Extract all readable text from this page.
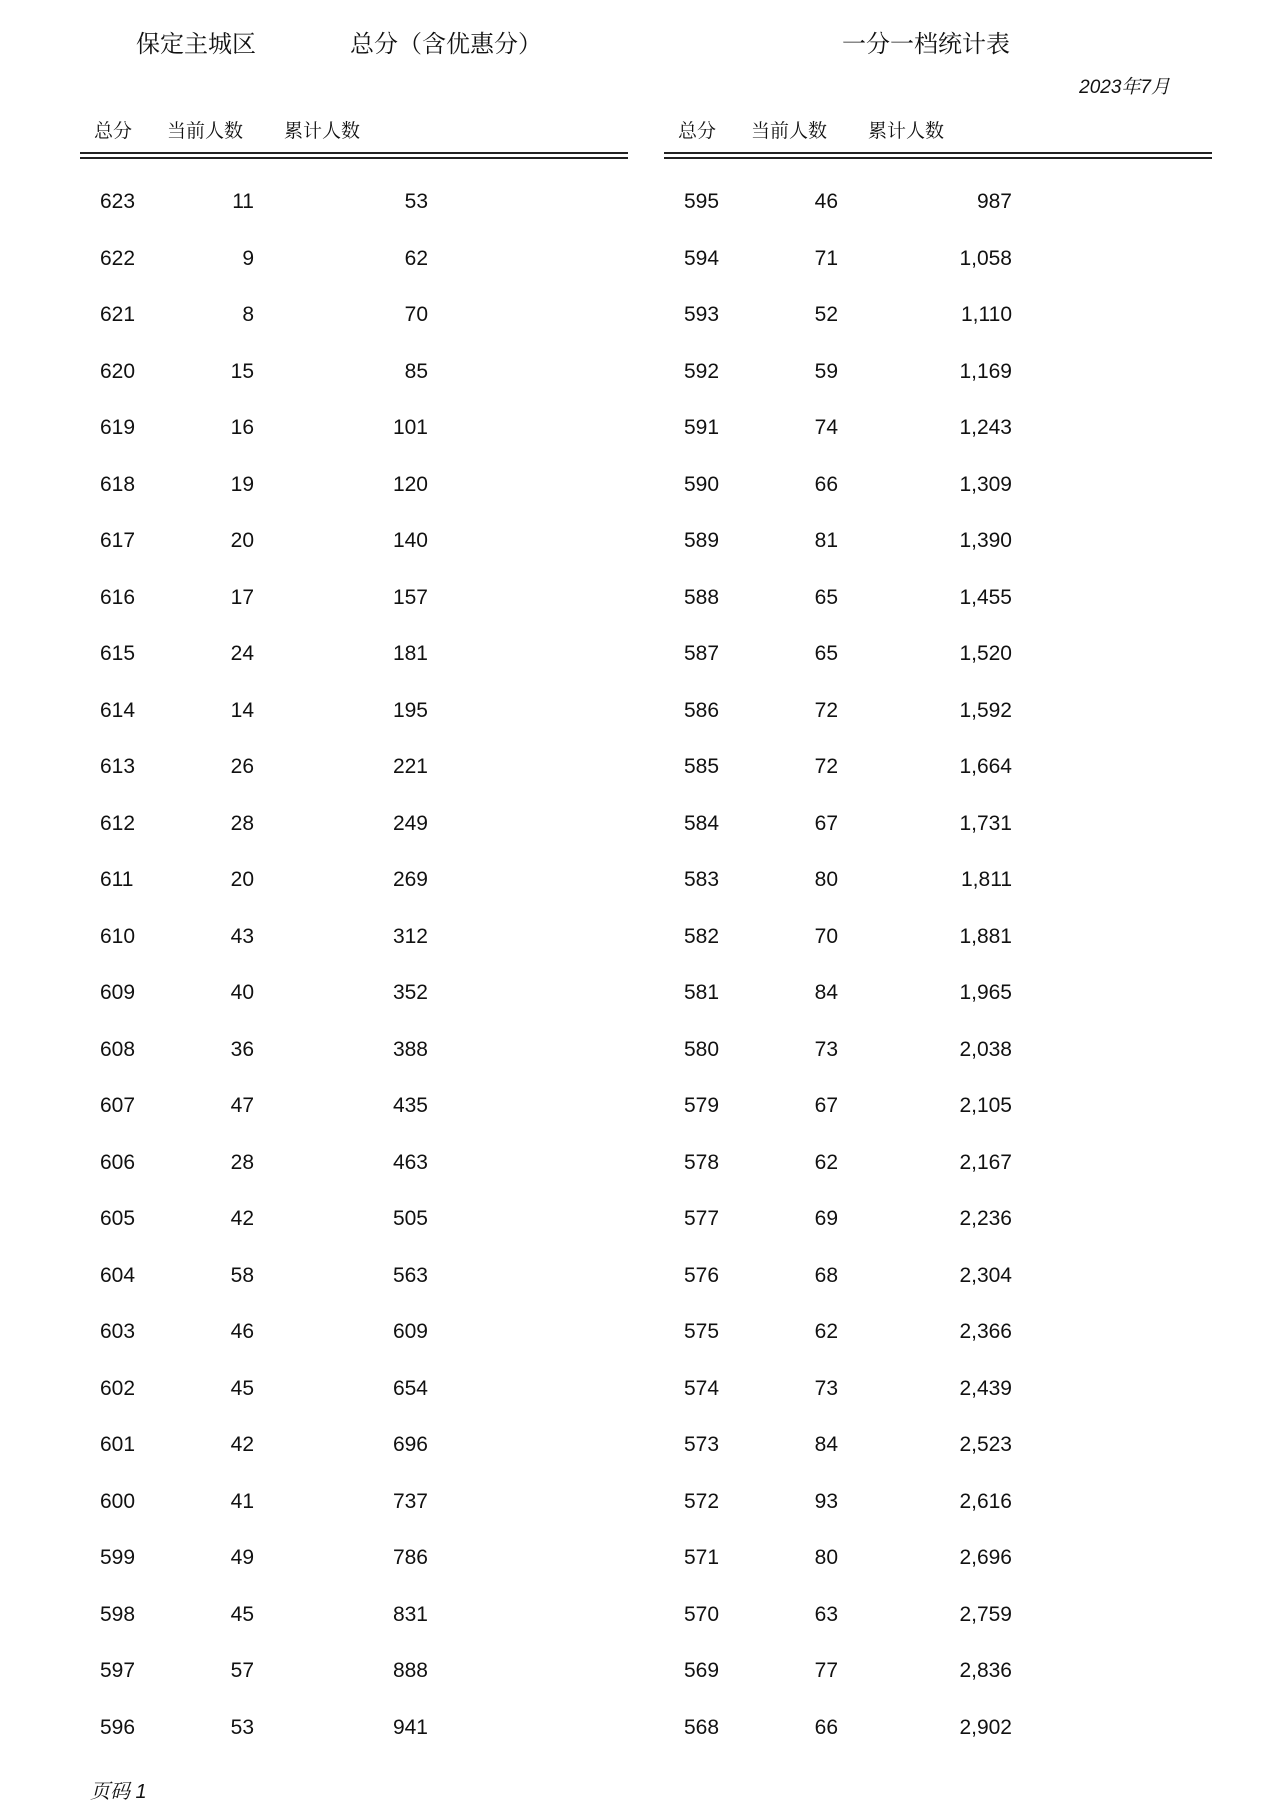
保定主城区	总分（含优惠分）	一分一档统计表
2023年7月
总分 当前人数 累计人数
623	11	53
622	9	62
621	8	70
620	15	85
619	16	101
618	19	120
617	20	140
616	17	157
615	24	181
614	14	195
613	26	221
612	28	249
611	20	269
610	43	312
609	40	352
608	36	388
607	47	435
606	28	463
605	42	505
604	58	563
603	46	609
602	45	654
601	42	696
600	41	737
599	49	786
598	45	831
597	57	888
596	53	941
总分 当前人数 累计人数
595	46	987
594	71	1,058
593	52	1,110
592	59	1,169
591	74	1,243
590	66	1,309
589	81	1,390
588	65	1,455
587	65	1,520
586	72	1,592
585	72	1,664
584	67	1,731
583	80	1,811
582	70	1,881
581	84	1,965
580	73	2,038
579	67	2,105
578	62	2,167
577	69	2,236
576	68	2,304
575	62	2,366
574	73	2,439
573	84	2,523
572	93	2,616
571	80	2,696
570	63	2,759
569	77	2,836
568	66	2,902
页码 1
